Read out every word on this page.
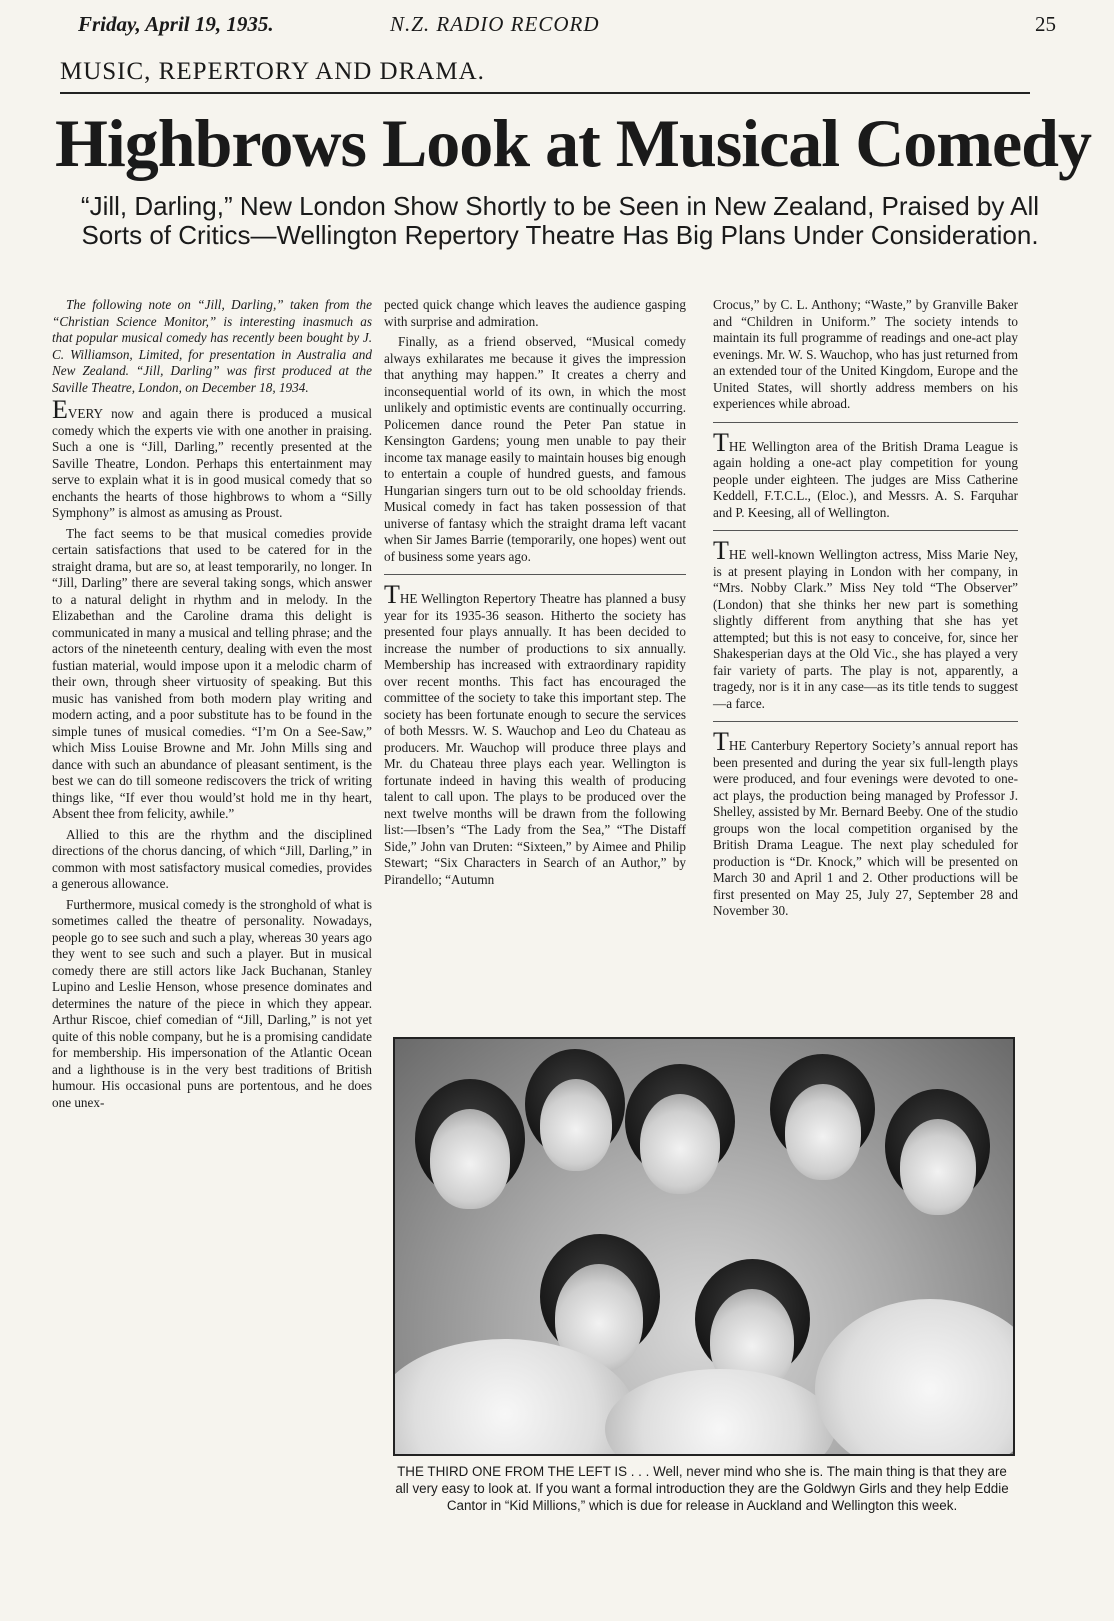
Friday, April 19, 1935.	N.Z. RADIO RECORD	25
MUSIC, REPERTORY AND DRAMA.
Highbrows Look at Musical Comedy
“Jill, Darling,” New London Show Shortly to be Seen in New Zealand, Praised by All Sorts of Critics—Wellington Repertory Theatre Has Big Plans Under Consideration.

The following note on “Jill, Darling,” taken from the “Christian Science Monitor,” is interesting inasmuch as that popular musical comedy has recently been bought by J. C. Williamson, Limited, for presentation in Australia and New Zealand. “Jill, Darling” was first produced at the Saville Theatre, London, on December 18, 1934.

EVERY now and again there is produced a musical comedy which the experts vie with one another in praising. Such a one is “Jill, Darling,” recently presented at the Saville Theatre, London. Perhaps this entertainment may serve to explain what it is in good musical comedy that so enchants the hearts of those highbrows to whom a “Silly Symphony” is almost as amusing as Proust.

The fact seems to be that musical comedies provide certain satisfactions that used to be catered for in the straight drama, but are so, at least temporarily, no longer. In “Jill, Darling” there are several taking songs, which answer to a natural delight in rhythm and in melody. In the Elizabethan and the Caroline drama this delight is communicated in many a musical and telling phrase; and the actors of the nineteenth century, dealing with even the most fustian material, would impose upon it a melodic charm of their own, through sheer virtuosity of speaking. But this music has vanished from both modern play writing and modern acting, and a poor substitute has to be found in the simple tunes of musical comedies. “I’m On a See-Saw,” which Miss Louise Browne and Mr. John Mills sing and dance with such an abundance of pleasant sentiment, is the best we can do till someone rediscovers the trick of writing things like, “If ever thou would’st hold me in thy heart, Absent thee from felicity, awhile.”

Allied to this are the rhythm and the disciplined directions of the chorus dancing, of which “Jill, Darling,” in common with most satisfactory musical comedies, provides a generous allowance.

Furthermore, musical comedy is the stronghold of what is sometimes called the theatre of personality. Nowadays, people go to see such and such a play, whereas 30 years ago they went to see such and such a player. But in musical comedy there are still actors like Jack Buchanan, Stanley Lupino and Leslie Henson, whose presence dominates and determines the nature of the piece in which they appear. Arthur Riscoe, chief comedian of “Jill, Darling,” is not yet quite of this noble company, but he is a promising candidate for membership. His impersonation of the Atlantic Ocean and a lighthouse is in the very best traditions of British humour. His occasional puns are portentous, and he does one unex-

pected quick change which leaves the audience gasping with surprise and admiration.

Finally, as a friend observed, “Musical comedy always exhilarates me because it gives the impression that anything may happen.” It creates a cherry and inconsequential world of its own, in which the most unlikely and optimistic events are continually occurring. Policemen dance round the Peter Pan statue in Kensington Gardens; young men unable to pay their income tax manage easily to maintain houses big enough to entertain a couple of hundred guests, and famous Hungarian singers turn out to be old schoolday friends. Musical comedy in fact has taken possession of that universe of fantasy which the straight drama left vacant when Sir James Barrie (temporarily, one hopes) went out of business some years ago.

THE Wellington Repertory Theatre has planned a busy year for its 1935-36 season. Hitherto the society has presented four plays annually. It has been decided to increase the number of productions to six annually. Membership has increased with extraordinary rapidity over recent months. This fact has encouraged the committee of the society to take this important step. The society has been fortunate enough to secure the services of both Messrs. W. S. Wauchop and Leo du Chateau as producers. Mr. Wauchop will produce three plays and Mr. du Chateau three plays each year. Wellington is fortunate indeed in having this wealth of producing talent to call upon. The plays to be produced over the next twelve months will be drawn from the following list:—Ibsen’s “The Lady from the Sea,” “The Distaff Side,” John van Druten: “Sixteen,” by Aimee and Philip Stewart; “Six Characters in Search of an Author,” by Pirandello; “Autumn

Crocus,” by C. L. Anthony; “Waste,” by Granville Baker and “Children in Uniform.” The society intends to maintain its full programme of readings and one-act play evenings. Mr. W. S. Wauchop, who has just returned from an extended tour of the United Kingdom, Europe and the United States, will shortly address members on his experiences while abroad.

THE Wellington area of the British Drama League is again holding a one-act play competition for young people under eighteen. The judges are Miss Catherine Keddell, F.T.C.L., (Eloc.), and Messrs. A. S. Farquhar and P. Keesing, all of Wellington.

THE well-known Wellington actress, Miss Marie Ney, is at present playing in London with her company, in “Mrs. Nobby Clark.” Miss Ney told “The Observer” (London) that she thinks her new part is something slightly different from anything that she has yet attempted; but this is not easy to conceive, for, since her Shakesperian days at the Old Vic., she has played a very fair variety of parts. The play is not, apparently, a tragedy, nor is it in any case—as its title tends to suggest—a farce.

THE Canterbury Repertory Society’s annual report has been presented and during the year six full-length plays were produced, and four evenings were devoted to one-act plays, the production being managed by Professor J. Shelley, assisted by Mr. Bernard Beeby. One of the studio groups won the local competition organised by the British Drama League. The next play scheduled for production is “Dr. Knock,” which will be presented on March 30 and April 1 and 2. Other productions will be first presented on May 25, July 27, September 28 and November 30.

THE THIRD ONE FROM THE LEFT IS . . . Well, never mind who she is. The main thing is that they are all very easy to look at. If you want a formal introduction they are the Goldwyn Girls and they help Eddie Cantor in “Kid Millions,” which is due for release in Auckland and Wellington this week.
